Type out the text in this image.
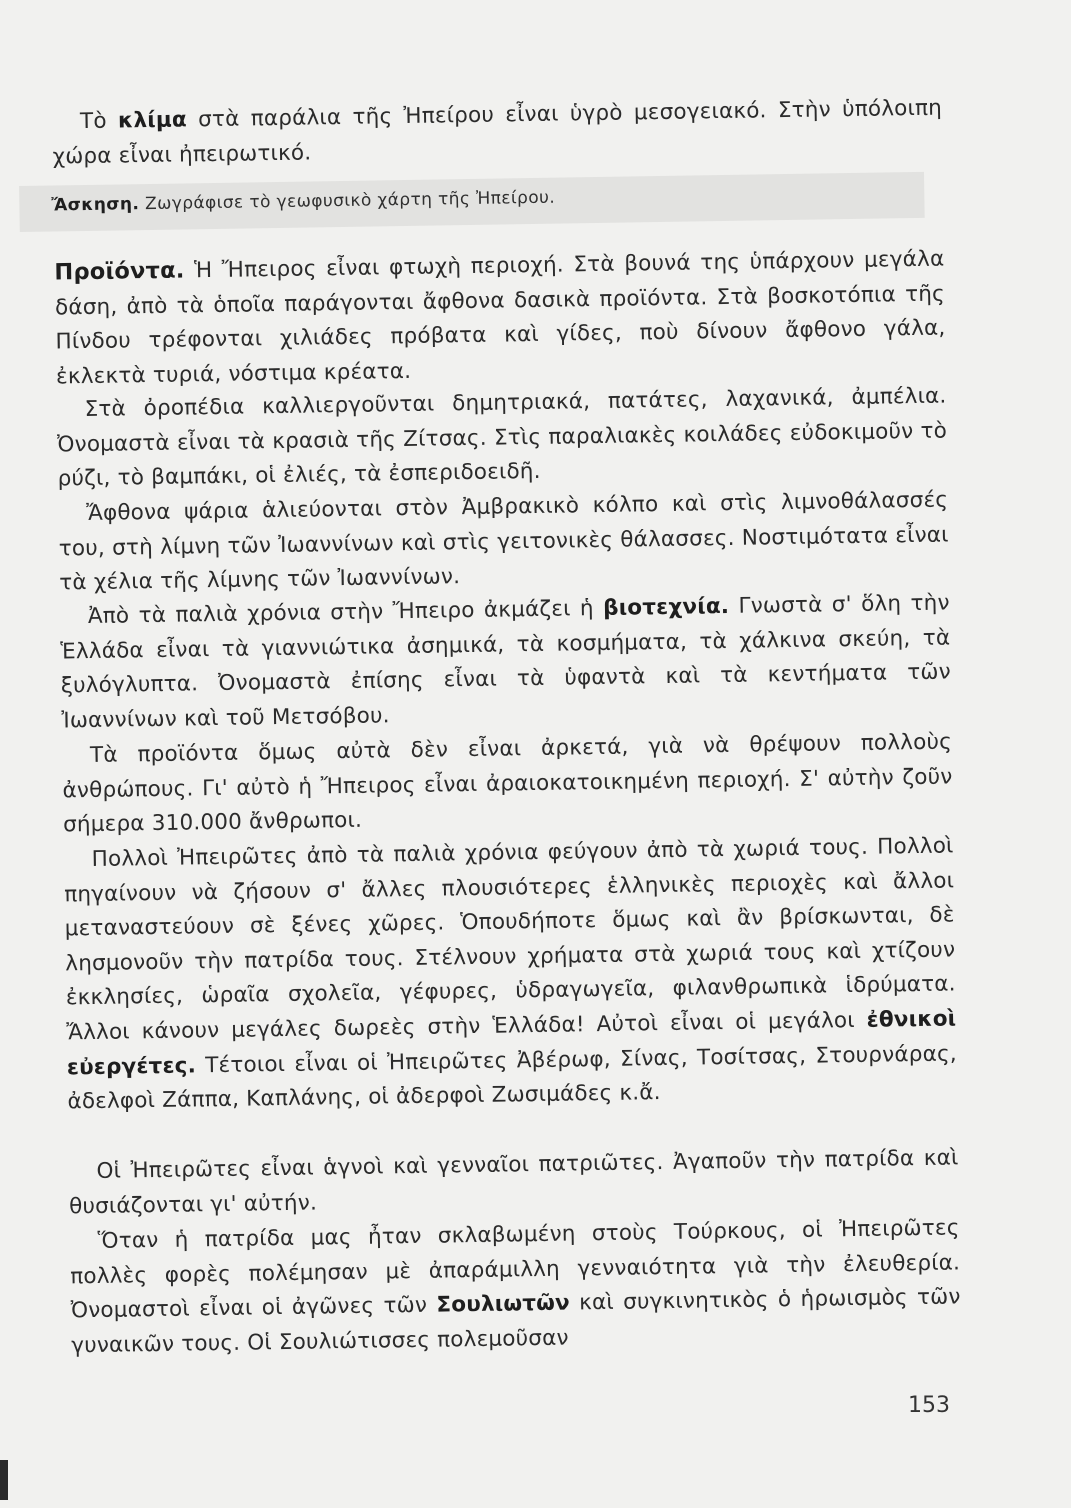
Τὸ κλίμα στὰ παράλια τῆς Ἠπείρου εἶναι ὑγρὸ μεσογειακό. Στὴν ὑπόλοιπη χώρα εἶναι ἠπειρωτικό.

Ἄσκηση. Ζωγράφισε τὸ γεωφυσικὸ χάρτη τῆς Ἠπείρου.

Προϊόντα. Ἡ Ἤπειρος εἶναι φτωχὴ περιοχή. Στὰ βουνά της ὑπάρχουν μεγάλα δάση, ἀπὸ τὰ ὁποῖα παράγονται ἄφθονα δασικὰ προϊόντα. Στὰ βοσκοτόπια τῆς Πίνδου τρέφονται χιλιάδες πρόβατα καὶ γίδες, ποὺ δίνουν ἄφθονο γάλα, ἐκλεκτὰ τυριά, νόστιμα κρέατα.

Στὰ ὀροπέδια καλλιεργοῦνται δημητριακά, πατάτες, λαχανικά, ἀμπέλια. Ὀνομαστὰ εἶναι τὰ κρασιὰ τῆς Ζίτσας. Στὶς παραλιακὲς κοιλάδες εὐδοκιμοῦν τὸ ρύζι, τὸ βαμπάκι, οἱ ἐλιές, τὰ ἐσπεριδοειδῆ.

Ἄφθονα ψάρια ἁλιεύονται στὸν Ἀμβρακικὸ κόλπο καὶ στὶς λιμνοθάλασσές του, στὴ λίμνη τῶν Ἰωαννίνων καὶ στὶς γειτονικὲς θάλασσες. Νοστιμότατα εἶναι τὰ χέλια τῆς λίμνης τῶν Ἰωαννίνων.

Ἀπὸ τὰ παλιὰ χρόνια στὴν Ἤπειρο ἀκμάζει ἡ βιοτεχνία. Γνωστὰ σ' ὅλη τὴν Ἑλλάδα εἶναι τὰ γιαννιώτικα ἀσημικά, τὰ κοσμήματα, τὰ χάλκινα σκεύη, τὰ ξυλόγλυπτα. Ὀνομαστὰ ἐπίσης εἶναι τὰ ὑφαντὰ καὶ τὰ κεντήματα τῶν Ἰωαννίνων καὶ τοῦ Μετσόβου.

Τὰ προϊόντα ὅμως αὐτὰ δὲν εἶναι ἀρκετά, γιὰ νὰ θρέψουν πολλοὺς ἀνθρώπους. Γι' αὐτὸ ἡ Ἤπειρος εἶναι ἀραιοκατοικημένη περιοχή. Σ' αὐτὴν ζοῦν σήμερα 310.000 ἄνθρωποι.

Πολλοὶ Ἠπειρῶτες ἀπὸ τὰ παλιὰ χρόνια φεύγουν ἀπὸ τὰ χωριά τους. Πολλοὶ πηγαίνουν νὰ ζήσουν σ' ἄλλες πλουσιότερες ἑλληνικὲς περιοχὲς καὶ ἄλλοι μεταναστεύουν σὲ ξένες χῶρες. Ὁπουδήποτε ὅμως καὶ ἂν βρίσκωνται, δὲ λησμονοῦν τὴν πατρίδα τους. Στέλνουν χρήματα στὰ χωριά τους καὶ χτίζουν ἐκκλησίες, ὡραῖα σχολεῖα, γέφυρες, ὑδραγωγεῖα, φιλανθρωπικὰ ἱδρύματα. Ἄλλοι κάνουν μεγάλες δωρεὲς στὴν Ἑλλάδα! Αὐτοὶ εἶναι οἱ μεγάλοι ἐθνικοὶ εὐεργέτες. Τέτοιοι εἶναι οἱ Ἠπειρῶτες Ἀβέρωφ, Σίνας, Τοσίτσας, Στουρνάρας, ἀδελφοὶ Ζάππα, Καπλάνης, οἱ ἀδερφοὶ Ζωσιμάδες κ.ἄ.

Οἱ Ἠπειρῶτες εἶναι ἁγνοὶ καὶ γενναῖοι πατριῶτες. Ἀγαποῦν τὴν πατρίδα καὶ θυσιάζονται γι' αὐτήν.

Ὅταν ἡ πατρίδα μας ἦταν σκλαβωμένη στοὺς Τούρκους, οἱ Ἠπειρῶτες πολλὲς φορὲς πολέμησαν μὲ ἀπαράμιλλη γενναιότητα γιὰ τὴν ἐλευθερία. Ὀνομαστοὶ εἶναι οἱ ἀγῶνες τῶν Σουλιωτῶν καὶ συγκινητικὸς ὁ ἡρωισμὸς τῶν γυναικῶν τους. Οἱ Σουλιώτισσες πολεμοῦσαν

153
